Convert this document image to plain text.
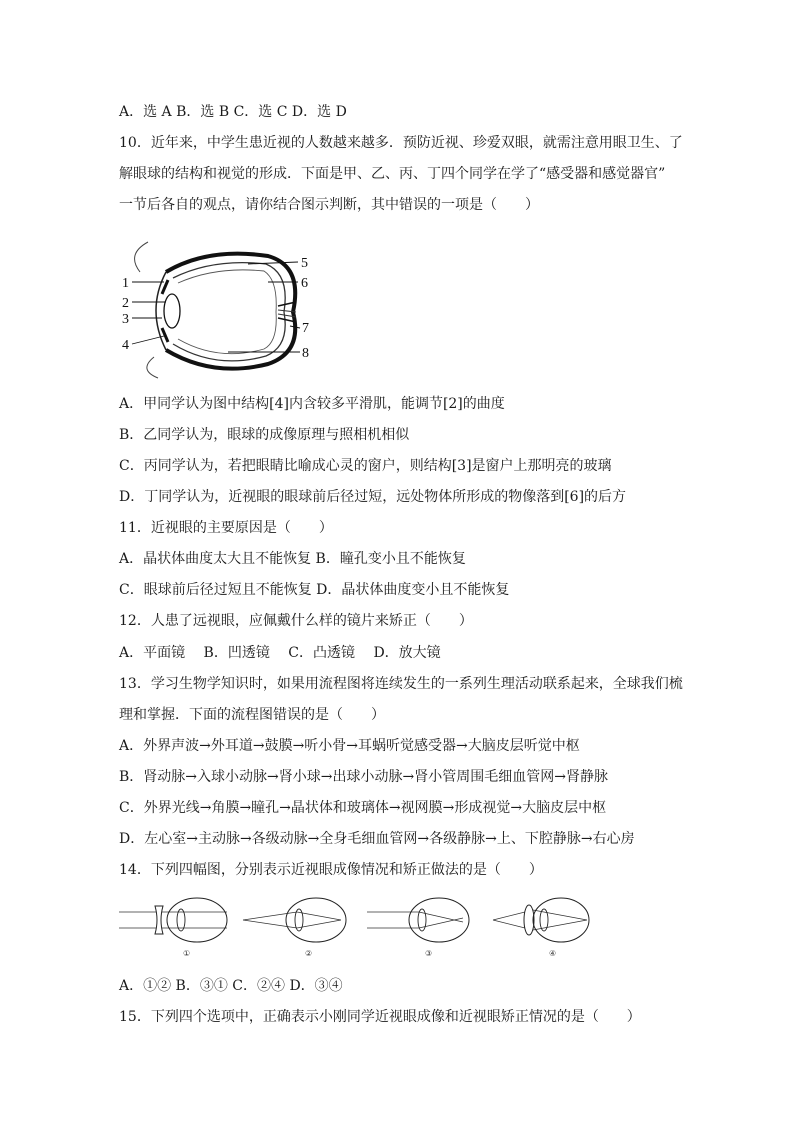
A．选 A B．选 B C．选 C D．选 D
10．近年来，中学生患近视的人数越来越多．预防近视、珍爱双眼，就需注意用眼卫生、了
解眼球的结构和视觉的形成．下面是甲、乙、丙、丁四个同学在学了“感受器和感觉器官”
一节后各自的观点，请你结合图示判断，其中错误的一项是（　　）
1
2
3
4
5
6
7
8
A．甲同学认为图中结构[4]内含较多平滑肌，能调节[2]的曲度
B．乙同学认为，眼球的成像原理与照相机相似
C．丙同学认为，若把眼睛比喻成心灵的窗户，则结构[3]是窗户上那明亮的玻璃
D．丁同学认为，近视眼的眼球前后径过短，远处物体所形成的物像落到[6]的后方
11．近视眼的主要原因是（　　）
A．晶状体曲度太大且不能恢复 B．瞳孔变小且不能恢复
C．眼球前后径过短且不能恢复 D．晶状体曲度变小且不能恢复
12．人患了远视眼，应佩戴什么样的镜片来矫正（　　）
A．平面镜　 B．凹透镜　 C．凸透镜　 D．放大镜
13．学习生物学知识时，如果用流程图将连续发生的一系列生理活动联系起来，全球我们梳
理和掌握．下面的流程图错误的是（　　）
A．外界声波→外耳道→鼓膜→听小骨→耳蜗听觉感受器→大脑皮层听觉中枢
B．肾动脉→入球小动脉→肾小球→出球小动脉→肾小管周围毛细血管网→肾静脉
C．外界光线→角膜→瞳孔→晶状体和玻璃体→视网膜→形成视觉→大脑皮层中枢
D．左心室→主动脉→各级动脉→全身毛细血管网→各级静脉→上、下腔静脉→右心房
14．下列四幅图，分别表示近视眼成像情况和矫正做法的是（　　）
①	②	③	④
A．①② B．③① C．②④ D．③④
15．下列四个选项中，正确表示小刚同学近视眼成像和近视眼矫正情况的是（　　）
